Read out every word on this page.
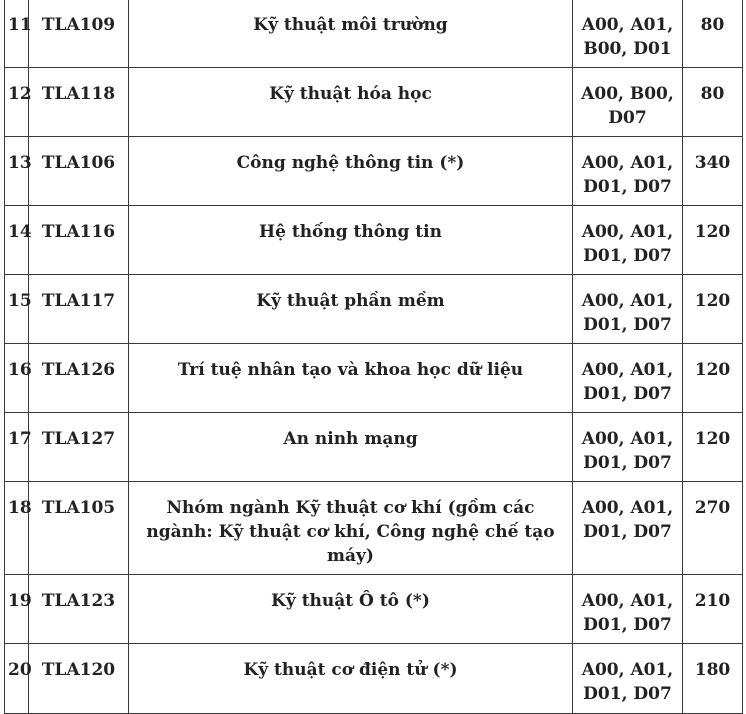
11	TLA109	Kỹ thuật môi trường	A00, A01, B00, D01	80
12	TLA118	Kỹ thuật hóa học	A00, B00, D07	80
13	TLA106	Công nghệ thông tin (*)	A00, A01, D01, D07	340
14	TLA116	Hệ thống thông tin	A00, A01, D01, D07	120
15	TLA117	Kỹ thuật phần mềm	A00, A01, D01, D07	120
16	TLA126	Trí tuệ nhân tạo và khoa học dữ liệu	A00, A01, D01, D07	120
17	TLA127	An ninh mạng	A00, A01, D01, D07	120
18	TLA105	Nhóm ngành Kỹ thuật cơ khí (gồm các ngành: Kỹ thuật cơ khí, Công nghệ chế tạo máy)	A00, A01, D01, D07	270
19	TLA123	Kỹ thuật Ô tô (*)	A00, A01, D01, D07	210
20	TLA120	Kỹ thuật cơ điện tử (*)	A00, A01, D01, D07	180
